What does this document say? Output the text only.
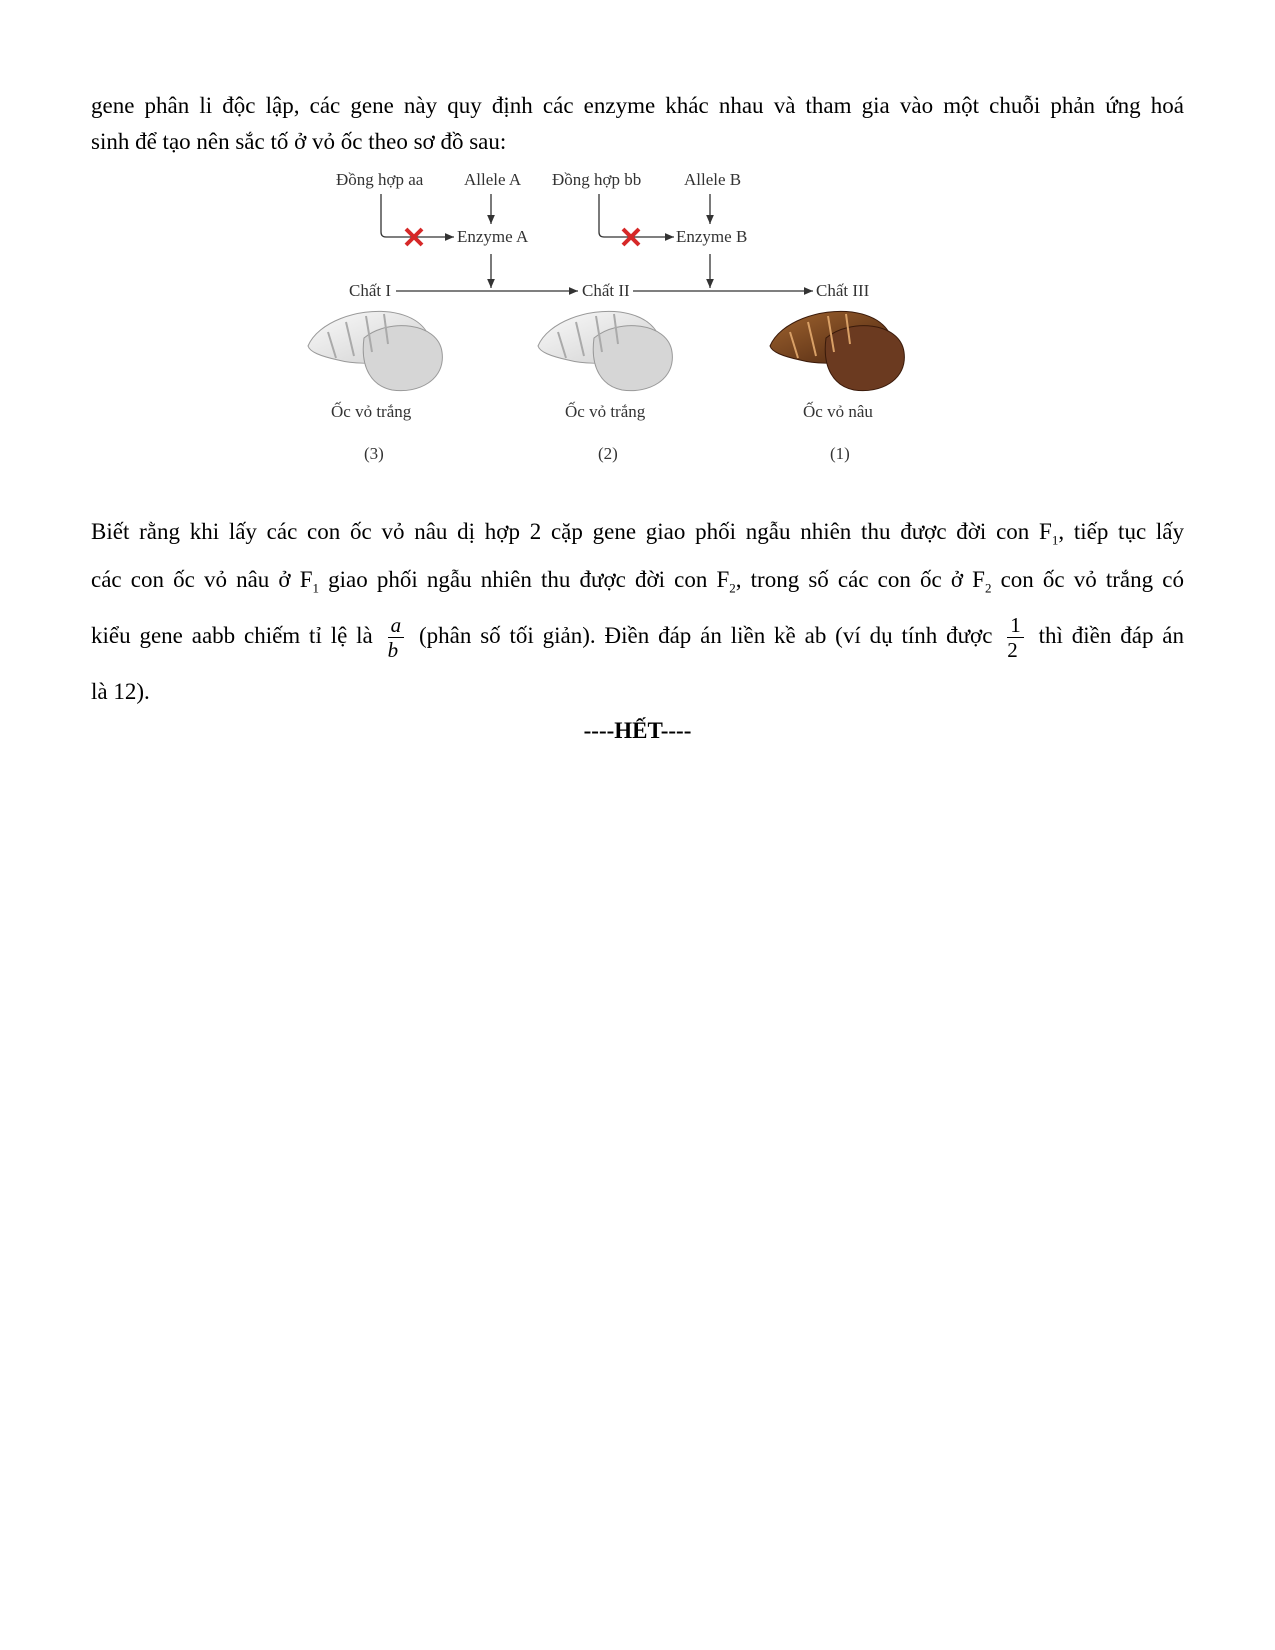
gene phân li độc lập, các gene này quy định các enzyme khác nhau và tham gia vào một chuỗi phản ứng hoá
sinh để tạo nên sắc tố ở vỏ ốc theo sơ đồ sau:
Đồng hợp aa Allele A Đồng hợp bb	Allele B
Enzyme A	Enzyme B
Chất I	Chất II	Chất III
Ốc vỏ trắng	Ốc vỏ trắng	Ốc vỏ nâu
(3)	(2)	(1)
Biết rằng khi lấy các con ốc vỏ nâu dị hợp 2 cặp gene giao phối ngẫu nhiên thu được đời con $F_1$, tiếp tục lấy
các con ốc vỏ nâu ở $F_1$ giao phối ngẫu nhiên thu được đời con $F_2$, trong số các con ốc ở $F_2$ con ốc vỏ trắng có
kiểu gene aabb chiếm tỉ lệ là $\frac{a}{b}$ (phân số tối giản). Điền đáp án liền kề ab (ví dụ tính được $\frac{1}{2}$ thì điền đáp án
là 12).
----HẾT----
